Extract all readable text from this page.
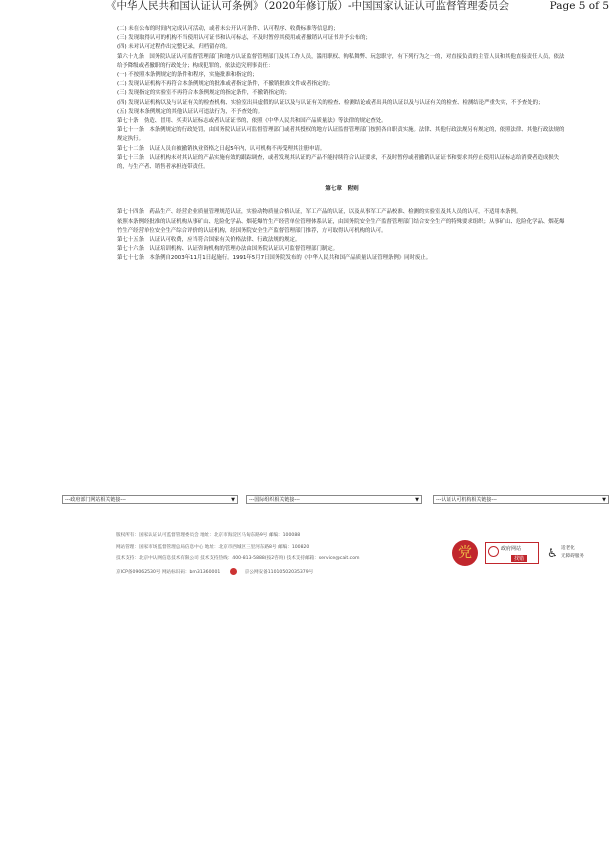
《中华人民共和国认证认可条例》（2020年修订版）-中国国家认证认可监督管理委员会	Page 5 of 5

(二) 未在公布的时间内完成认可活动，或者未公开认可条件、认可程序、收费标准等信息的；

(三) 发现取得认可的机构不当使用认可证书和认可标志，不及时暂停其使用或者撤销认可证书并予公布的；

(四) 未对认可过程作出完整记录，归档留存的。

第六十九条　国务院认证认可监督管理部门和地方认证监督管理部门及其工作人员，滥用职权、徇私舞弊、玩忽职守，有下列行为之一的，对直接负责的主管人员和其他直接责任人员，依法给予降级或者撤职的行政处分；构成犯罪的，依法追究刑事责任：

(一) 不按照本条例规定的条件和程序，实施批准和指定的；

(二) 发现认证机构不再符合本条例规定的批准或者指定条件，不撤销批准文件或者指定的；

(三) 发现指定的实验室不再符合本条例规定的指定条件，不撤销指定的；

(四) 发现认证机构以及与认证有关的检查机构、实验室出具虚假的认证以及与认证有关的检查、检测结论或者出具的认证以及与认证有关的检查、检测结论严重失实，不予查处的；

(五) 发现本条例规定的其他认证认可违法行为，不予查处的。

第七十条　伪造、冒用、买卖认证标志或者认证证书的，依照《中华人民共和国产品质量法》等法律的规定查处。

第七十一条　本条例规定的行政处罚，由国务院认证认可监督管理部门或者其授权的地方认证监督管理部门按照各自职责实施。法律、其他行政法规另有规定的，依照法律、其他行政法规的规定执行。

第七十二条　认证人员自被撤销执业资格之日起5年内，认可机构不再受理其注册申请。

第七十三条　认证机构未对其认证的产品实施有效的跟踪调查，或者发现其认证的产品不能持续符合认证要求，不及时暂停或者撤销认证证书和要求其停止使用认证标志给消费者造成损失的，与生产者、销售者承担连带责任。

第七章　附则

第七十四条　药品生产、经营企业质量管理规范认证，实验动物质量合格认证，军工产品的认证，以及从事军工产品校准、检测的实验室及其人员的认可，不适用本条例。

依照本条例经批准的认证机构从事矿山、危险化学品、烟花爆竹生产经营单位管理体系认证，由国务院安全生产监督管理部门结合安全生产的特殊要求组织；从事矿山、危险化学品、烟花爆竹生产经营单位安全生产综合评价的认证机构，经国务院安全生产监督管理部门推荐，方可取得认可机构的认可。

第七十五条　认证认可收费，应当符合国家有关价格法律、行政法规的规定。

第七十六条　认证培训机构、认证咨询机构的管理办法由国务院认证认可监督管理部门制定。

第七十七条　本条例自2003年11月1日起施行。1991年5月7日国务院发布的《中华人民共和国产品质量认证管理条例》同时废止。

---政府部门网站相关链接---	▼	---国际组织相关链接---	▼	---认证认可机构相关链接---	▼
版权所有：国家认证认可监督管理委员会 地址：北京市海淀区马甸东路9号 邮编：100088
网站管理：国家市场监督管理总局信息中心 地址：北京市西城区三里河东路8号 邮编：100820
技术支持：北京中认网信息技术有限公司 技术支持热线：400-813-5888(按2咨询) 技术支持邮箱：service@cait.com
京ICP备09062530号 网站标识码：bm31360001	京公网安备11010502035379号
党	政府网站
找错 ♿ 适老化
无障碍服务
